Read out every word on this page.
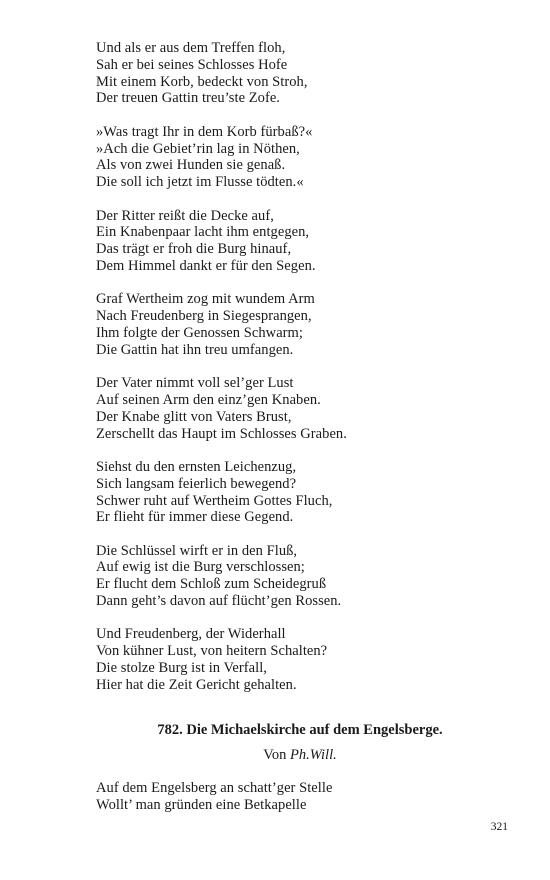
Und als er aus dem Treffen floh,
Sah er bei seines Schlosses Hofe
Mit einem Korb, bedeckt von Stroh,
Der treuen Gattin treu’ste Zofe.
»Was tragt Ihr in dem Korb fürbaß?«
»Ach die Gebiet’rin lag in Nöthen,
Als von zwei Hunden sie genaß.
Die soll ich jetzt im Flusse tödten.«
Der Ritter reißt die Decke auf,
Ein Knabenpaar lacht ihm entgegen,
Das trägt er froh die Burg hinauf,
Dem Himmel dankt er für den Segen.
Graf Wertheim zog mit wundem Arm
Nach Freudenberg in Siegesprangen,
Ihm folgte der Genossen Schwarm;
Die Gattin hat ihn treu umfangen.
Der Vater nimmt voll sel’ger Lust
Auf seinen Arm den einz’gen Knaben.
Der Knabe glitt von Vaters Brust,
Zerschellt das Haupt im Schlosses Graben.
Siehst du den ernsten Leichenzug,
Sich langsam feierlich bewegend?
Schwer ruht auf Wertheim Gottes Fluch,
Er flieht für immer diese Gegend.
Die Schlüssel wirft er in den Fluß,
Auf ewig ist die Burg verschlossen;
Er flucht dem Schloß zum Scheidegruß
Dann geht’s davon auf flücht’gen Rossen.
Und Freudenberg, der Widerhall
Von kühner Lust, von heitern Schalten?
Die stolze Burg ist in Verfall,
Hier hat die Zeit Gericht gehalten.
782. Die Michaelskirche auf dem Engelsberge.
Von Ph.Will.
Auf dem Engelsberg an schatt’ger Stelle
Wollt’ man gründen eine Betkapelle
321
